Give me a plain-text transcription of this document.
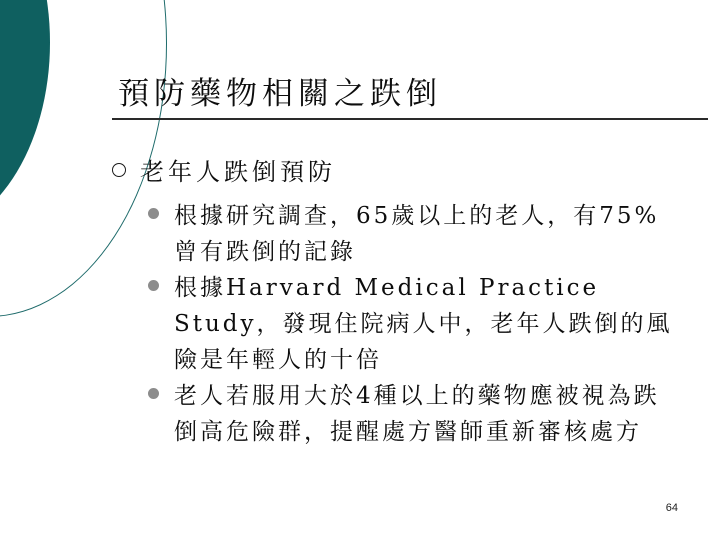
預防藥物相關之跌倒
老年人跌倒預防
根據研究調查，65歲以上的老人，有75%曾有跌倒的記錄
根據Harvard Medical Practice Study，發現住院病人中，老年人跌倒的風險是年輕人的十倍
老人若服用大於4種以上的藥物應被視為跌倒高危險群，提醒處方醫師重新審核處方
64
